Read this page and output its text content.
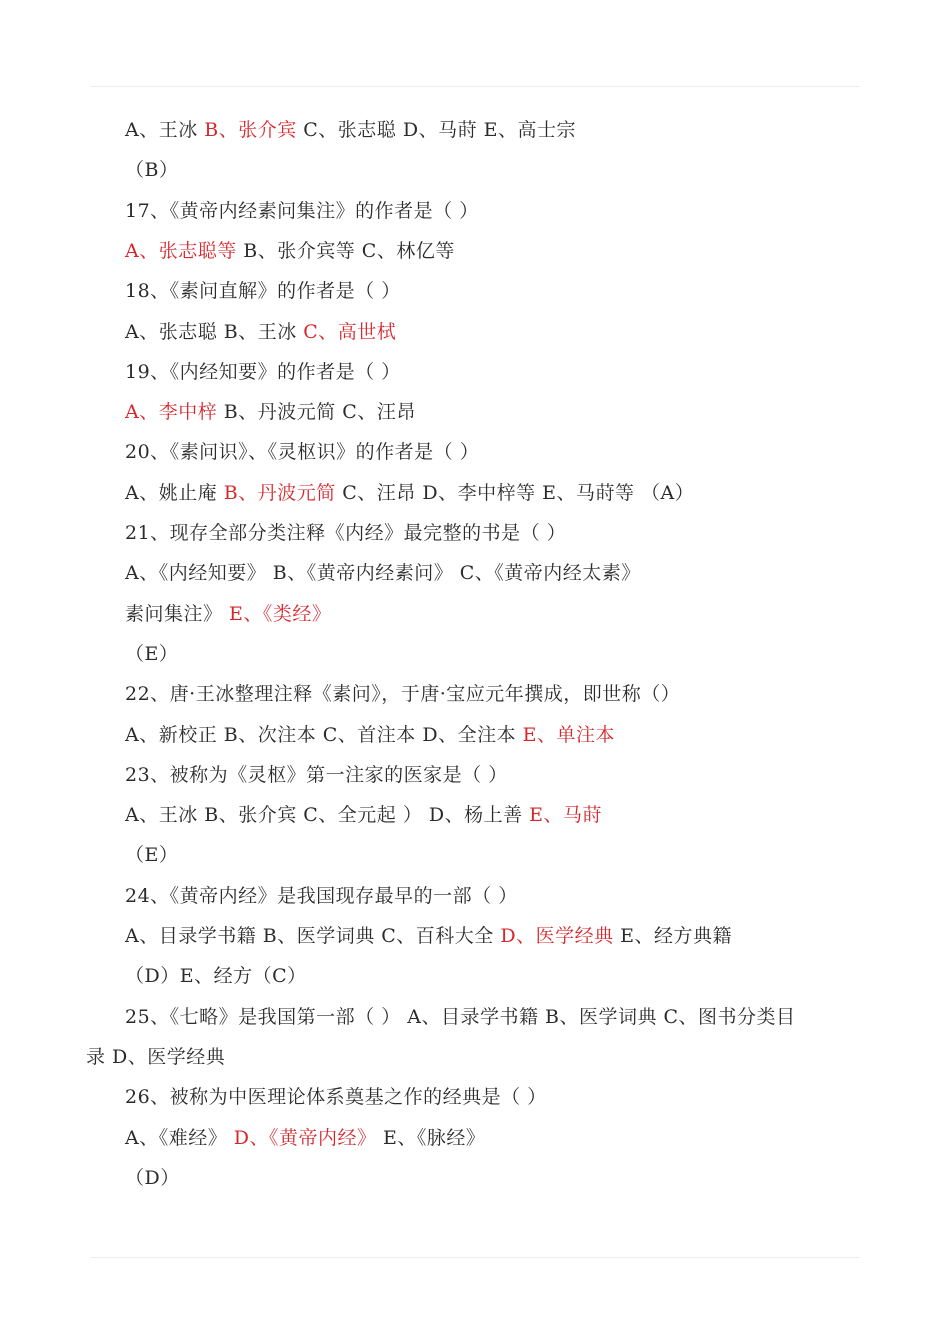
A、王冰 B、张介宾 C、张志聪 D、马莳 E、高士宗
（B）
17、《黄帝内经素问集注》的作者是（ ）
A、张志聪等 B、张介宾等 C、林亿等
18、《素问直解》的作者是（ ）
A、张志聪 B、王冰 C、高世栻
19、《内经知要》的作者是（ ）
A、李中梓 B、丹波元简 C、汪昂
20、《素问识》、《灵枢识》的作者是（ ）
A、姚止庵 B、丹波元简 C、汪昂 D、李中梓等 E、马莳等 （A）
21、现存全部分类注释《内经》最完整的书是（ ）
A、《内经知要》 B、《黄帝内经素问》 C、《黄帝内经太素》
素问集注》 E、《类经》
（E）
22、唐·王冰整理注释《素问》，于唐·宝应元年撰成，即世称（）
A、新校正 B、次注本 C、首注本 D、全注本 E、单注本
23、被称为《灵枢》第一注家的医家是（ ）
A、王冰 B、张介宾 C、全元起 ） D、杨上善 E、马莳
（E）
24、《黄帝内经》是我国现存最早的一部（ ）
A、目录学书籍 B、医学词典 C、百科大全 D、医学经典 E、经方典籍
（D）E、经方（C）
25、《七略》是我国第一部（ ） A、目录学书籍 B、医学词典 C、图书分类目
录 D、医学经典
26、被称为中医理论体系奠基之作的经典是（ ）
A、《难经》 D、《黄帝内经》 E、《脉经》
（D）
